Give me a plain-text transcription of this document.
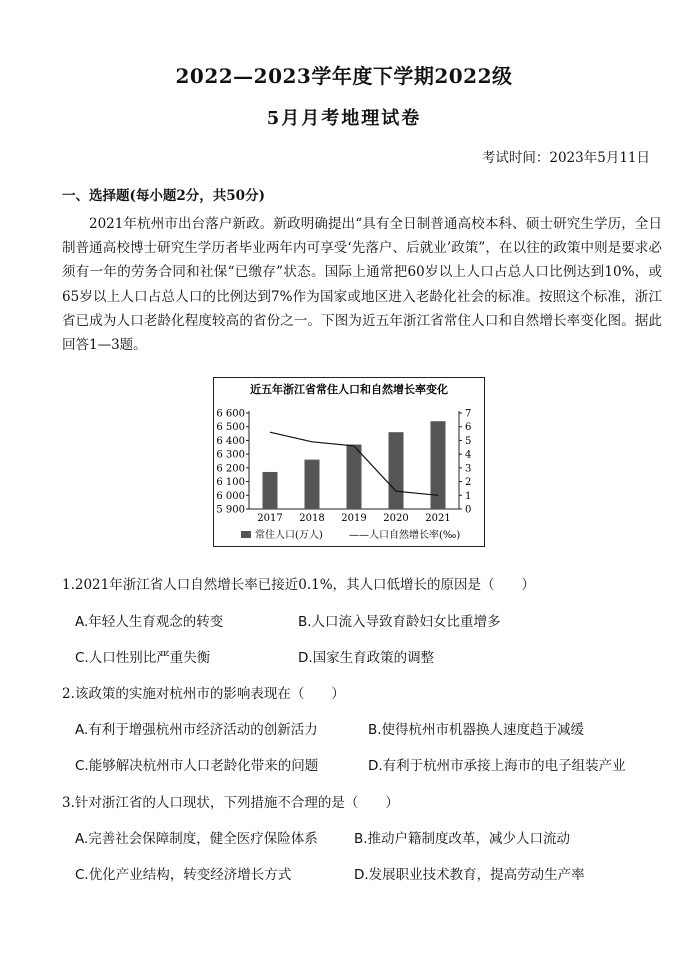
2022—2023学年度下学期2022级
5月月考地理试卷
考试时间：2023年5月11日
一、选择题(每小题2分，共50分)
2021年杭州市出台落户新政。新政明确提出“具有全日制普通高校本科、硕士研究生学历，全日制普通高校博士研究生学历者毕业两年内可享受‘先落户、后就业’政策”，在以往的政策中则是要求必须有一年的劳务合同和社保“已缴存”状态。国际上通常把60岁以上人口占总人口比例达到10%，或65岁以上人口占总人口的比例达到7%作为国家或地区进入老龄化社会的标准。按照这个标准，浙江省已成为人口老龄化程度较高的省份之一。下图为近五年浙江省常住人口和自然增长率变化图。据此回答1—3题。
近五年浙江省常住人口和自然增长率变化
6 600
6 500
6 400
6 300
6 200
6 100
6 000
5 900
7
6
5
4
3
2
1
0
2017 2018 2019 2020 2021
常住人口(万人)	——人口自然增长率(‰)
1.2021年浙江省人口自然增长率已接近0.1%，其人口低增长的原因是（　　）
A.年轻人生育观念的转变	B.人口流入导致育龄妇女比重增多
C.人口性别比严重失衡	D.国家生育政策的调整
2.该政策的实施对杭州市的影响表现在（　　）
A.有利于增强杭州市经济活动的创新活力	B.使得杭州市机器换人速度趋于减缓
C.能够解决杭州市人口老龄化带来的问题	D.有利于杭州市承接上海市的电子组装产业
3.针对浙江省的人口现状，下列措施不合理的是（　　）
A.完善社会保障制度，健全医疗保险体系	B.推动户籍制度改革，减少人口流动
C.优化产业结构，转变经济增长方式	D.发展职业技术教育，提高劳动生产率
